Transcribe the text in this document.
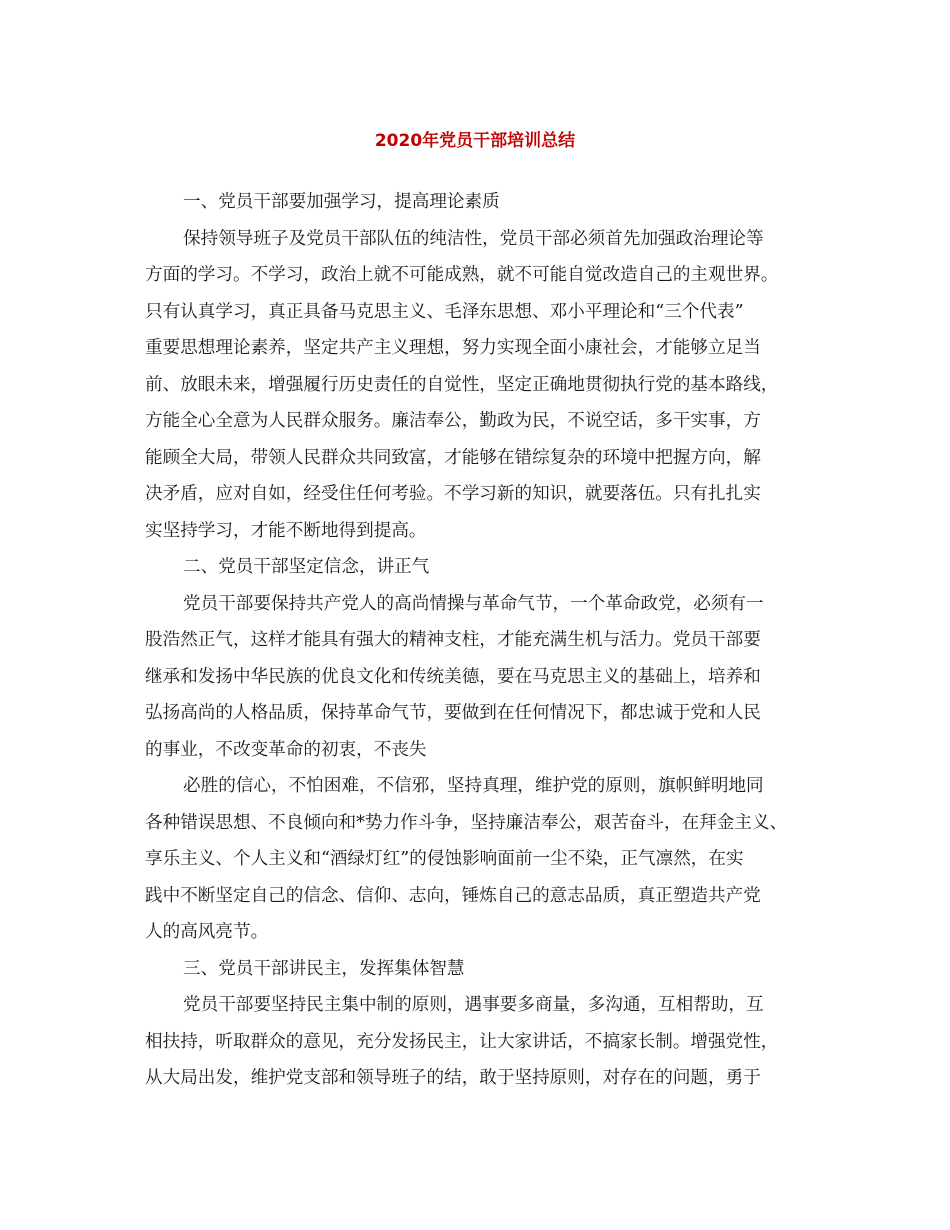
2020年党员干部培训总结
一、党员干部要加强学习，提高理论素质
保持领导班子及党员干部队伍的纯洁性，党员干部必须首先加强政治理论等
方面的学习。不学习，政治上就不可能成熟，就不可能自觉改造自己的主观世界。
只有认真学习，真正具备马克思主义、毛泽东思想、邓小平理论和“三个代表”
重要思想理论素养，坚定共产主义理想，努力实现全面小康社会，才能够立足当
前、放眼未来，增强履行历史责任的自觉性，坚定正确地贯彻执行党的基本路线，
方能全心全意为人民群众服务。廉洁奉公，勤政为民，不说空话，多干实事，方
能顾全大局，带领人民群众共同致富，才能够在错综复杂的环境中把握方向，解
决矛盾，应对自如，经受住任何考验。不学习新的知识，就要落伍。只有扎扎实
实坚持学习，才能不断地得到提高。
二、党员干部坚定信念，讲正气
党员干部要保持共产党人的高尚情操与革命气节，一个革命政党，必须有一
股浩然正气，这样才能具有强大的精神支柱，才能充满生机与活力。党员干部要
继承和发扬中华民族的优良文化和传统美德，要在马克思主义的基础上，培养和
弘扬高尚的人格品质，保持革命气节，要做到在任何情况下，都忠诚于党和人民
的事业，不改变革命的初衷，不丧失
必胜的信心，不怕困难，不信邪，坚持真理，维护党的原则，旗帜鲜明地同
各种错误思想、不良倾向和*势力作斗争，坚持廉洁奉公，艰苦奋斗，在拜金主义、
享乐主义、个人主义和“酒绿灯红”的侵蚀影响面前一尘不染，正气凛然，在实
践中不断坚定自己的信念、信仰、志向，锤炼自己的意志品质，真正塑造共产党
人的高风亮节。
三、党员干部讲民主，发挥集体智慧
党员干部要坚持民主集中制的原则，遇事要多商量，多沟通，互相帮助，互
相扶持，听取群众的意见，充分发扬民主，让大家讲话，不搞家长制。增强党性，
从大局出发，维护党支部和领导班子的结，敢于坚持原则，对存在的问题，勇于
